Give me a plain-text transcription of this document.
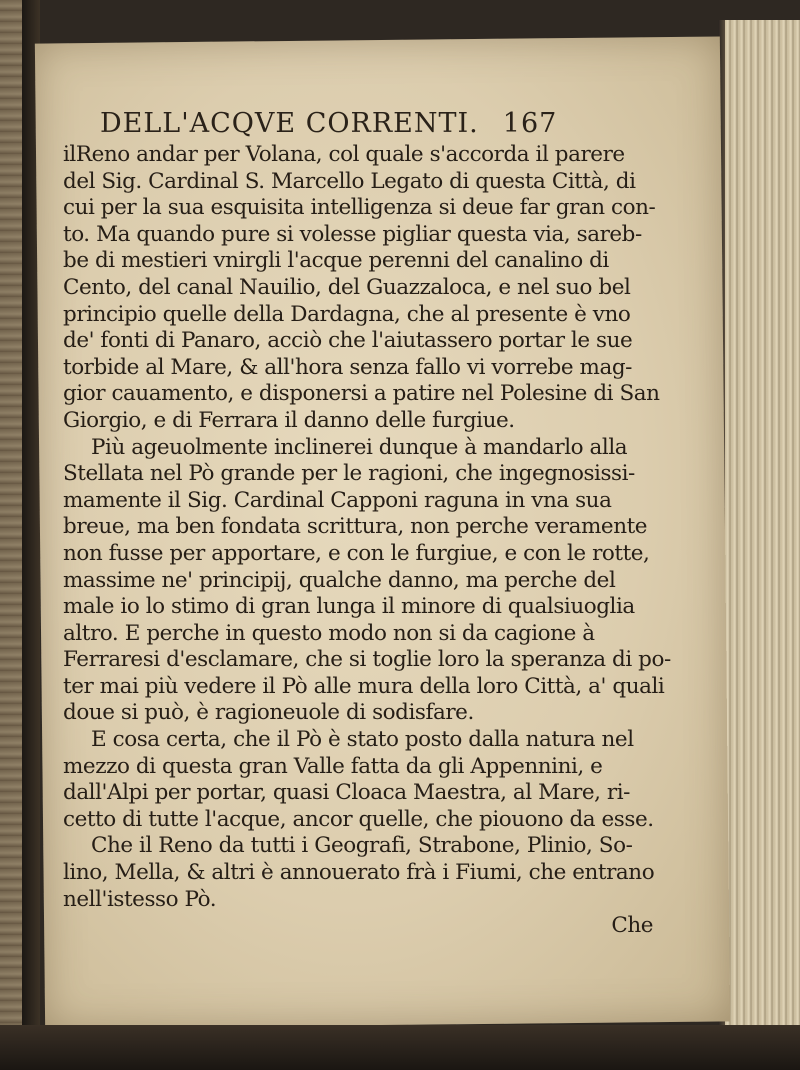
DELL'ACQVE CORRENTI. 167
ilReno andar per Volana, col quale s'accorda il parere
del Sig. Cardinal S. Marcello Legato di questa Città, di
cui per la sua esquisita intelligenza si deue far gran con-
to. Ma quando pure si volesse pigliar questa via, sareb-
be di mestieri vnirgli l'acque perenni del canalino di
Cento, del canal Nauilio, del Guazzaloca, e nel suo bel
principio quelle della Dardagna, che al presente è vno
de' fonti di Panaro, acciò che l'aiutassero portar le sue
torbide al Mare, & all'hora senza fallo vi vorrebe mag-
gior cauamento, e disponersi a patire nel Polesine di San
Giorgio, e di Ferrara il danno delle furgiue.
Più ageuolmente inclinerei dunque à mandarlo alla
Stellata nel Pò grande per le ragioni, che ingegnosissi-
mamente il Sig. Cardinal Capponi raguna in vna sua
breue, ma ben fondata scrittura, non perche veramente
non fusse per apportare, e con le furgiue, e con le rotte,
massime ne' principij, qualche danno, ma perche del
male io lo stimo di gran lunga il minore di qualsiuoglia
altro. E perche in questo modo non si da cagione à
Ferraresi d'esclamare, che si toglie loro la speranza di po-
ter mai più vedere il Pò alle mura della loro Città, a' quali
doue si può, è ragioneuole di sodisfare.
E cosa certa, che il Pò è stato posto dalla natura nel
mezzo di questa gran Valle fatta da gli Appennini, e
dall'Alpi per portar, quasi Cloaca Maestra, al Mare, ri-
cetto di tutte l'acque, ancor quelle, che piouono da esse.
Che il Reno da tutti i Geografi, Strabone, Plinio, So-
lino, Mella, & altri è annouerato frà i Fiumi, che entrano
nell'istesso Pò.
Che
